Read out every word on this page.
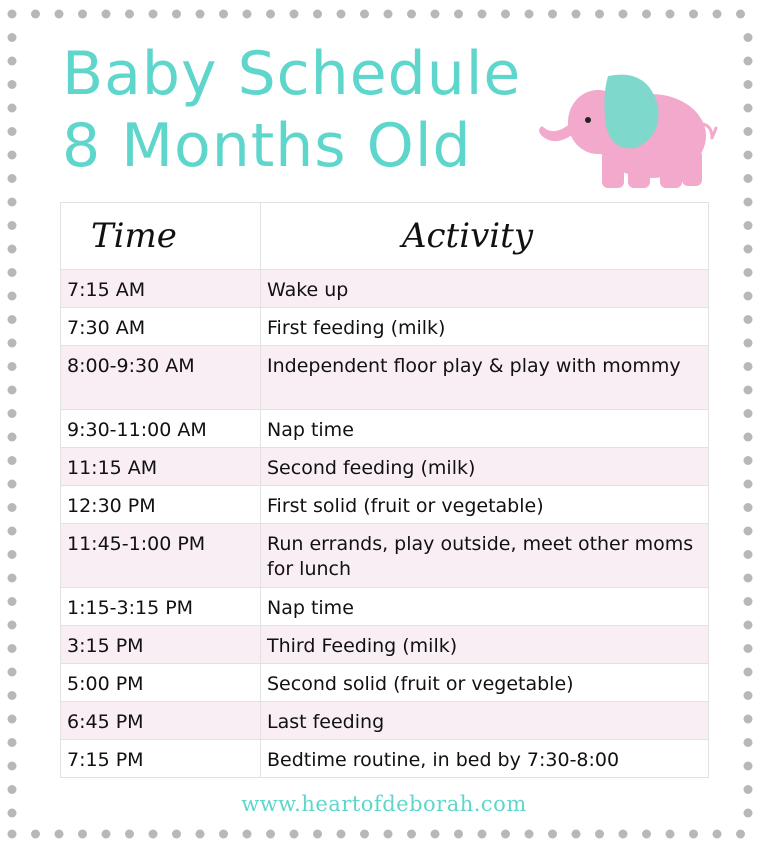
Baby Schedule
8 Months Old
Time	Activity
7:15 AM	Wake up
7:30 AM	First feeding (milk)
8:00-9:30 AM	Independent floor play & play with mommy
9:30-11:00 AM	Nap time
11:15 AM	Second feeding (milk)
12:30 PM	First solid (fruit or vegetable)
11:45-1:00 PM	Run errands, play outside, meet other moms for lunch
1:15-3:15 PM	Nap time
3:15 PM	Third Feeding (milk)
5:00 PM	Second solid (fruit or vegetable)
6:45 PM	Last feeding
7:15 PM	Bedtime routine, in bed by 7:30-8:00
www.heartofdeborah.com
